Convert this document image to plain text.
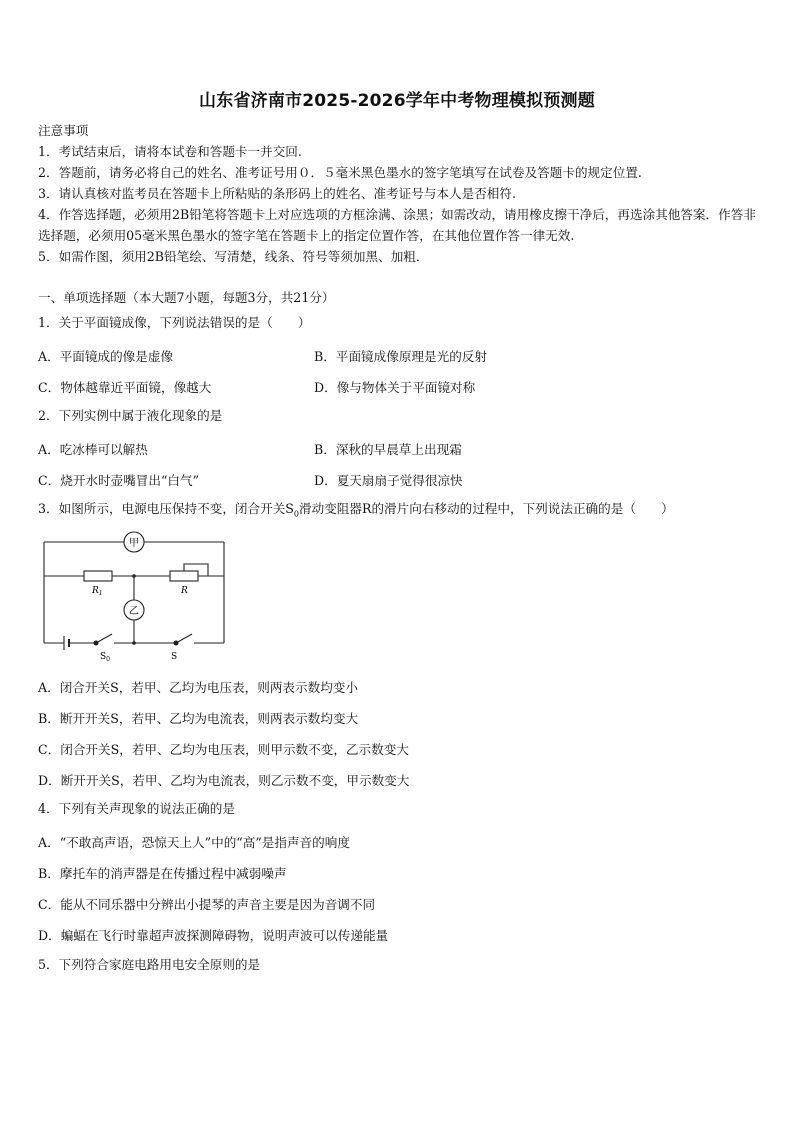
山东省济南市2025-2026学年中考物理模拟预测题
注意事项
1．考试结束后，请将本试卷和答题卡一并交回.
2．答题前，请务必将自己的姓名、准考证号用０．５毫米黑色墨水的签字笔填写在试卷及答题卡的规定位置.
3．请认真核对监考员在答题卡上所粘贴的条形码上的姓名、准考证号与本人是否相符.
4．作答选择题，必须用2B铅笔将答题卡上对应选项的方框涂满、涂黑；如需改动，请用橡皮擦干净后，再选涂其他答案．作答非选择题，必须用05毫米黑色墨水的签字笔在答题卡上的指定位置作答，在其他位置作答一律无效.
5．如需作图，须用2B铅笔绘、写清楚，线条、符号等须加黑、加粗．
一、单项选择题（本大题7小题，每题3分，共21分）
1．关于平面镜成像，下列说法错误的是（　　）
A．平面镜成的像是虚像	B．平面镜成像原理是光的反射
C．物体越靠近平面镜，像越大	D．像与物体关于平面镜对称
2．下列实例中属于液化现象的是
A．吃冰棒可以解热	B．深秋的早晨草上出现霜
C．烧开水时壶嘴冒出“白气”	D．夏天扇扇子觉得很凉快
3．如图所示，电源电压保持不变，闭合开关$S_0$滑动变阻器R的滑片向右移动的过程中，下列说法正确的是（　　）
甲
乙
$R_1$	R
$S_0$	S
A．闭合开关S，若甲、乙均为电压表，则两表示数均变小
B．断开开关S，若甲、乙均为电流表，则两表示数均变大
C．闭合开关S，若甲、乙均为电压表，则甲示数不变，乙示数变大
D．断开开关S，若甲、乙均为电流表，则乙示数不变，甲示数变大
4．下列有关声现象的说法正确的是
A．“不敢高声语，恐惊天上人”中的“高”是指声音的响度
B．摩托车的消声器是在传播过程中减弱噪声
C．能从不同乐器中分辨出小提琴的声音主要是因为音调不同
D．蝙蝠在飞行时靠超声波探测障碍物，说明声波可以传递能量
5．下列符合家庭电路用电安全原则的是
